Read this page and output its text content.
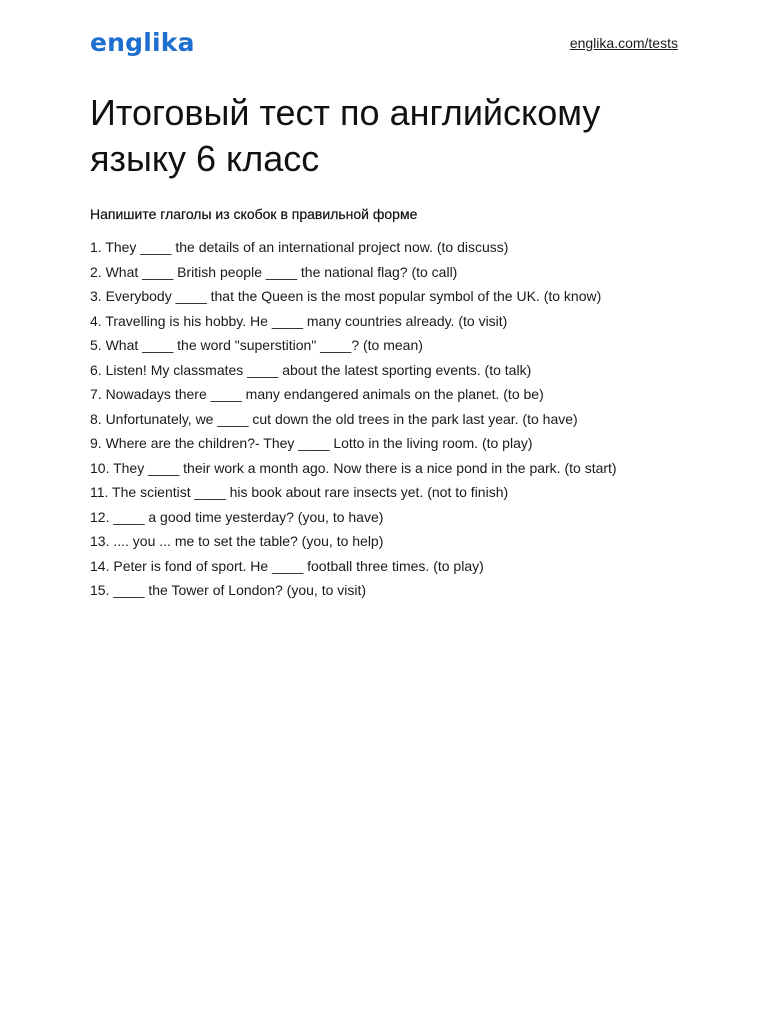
englika	englika.com/tests
Итоговый тест по английскому языку 6 класс

Напишите глаголы из скобок в правильной форме

1. They ____ the details of an international project now. (to discuss)
2. What ____ British people ____ the national flag? (to call)
3. Everybody ____ that the Queen is the most popular symbol of the UK. (to know)
4. Travelling is his hobby. He ____ many countries already. (to visit)
5. What ____ the word "superstition" ____? (to mean)
6. Listen! My classmates ____ about the latest sporting events. (to talk)
7. Nowadays there ____ many endangered animals on the planet. (to be)
8. Unfortunately, we ____ cut down the old trees in the park last year. (to have)
9. Where are the children?- They ____ Lotto in the living room. (to play)
10. They ____ their work a month ago. Now there is a nice pond in the park. (to start)
11. The scientist ____ his book about rare insects yet. (not to finish)
12. ____ a good time yesterday? (you, to have)
13. .... you ... me to set the table? (you, to help)
14. Peter is fond of sport. He ____ football three times. (to play)
15. ____ the Tower of London? (you, to visit)
